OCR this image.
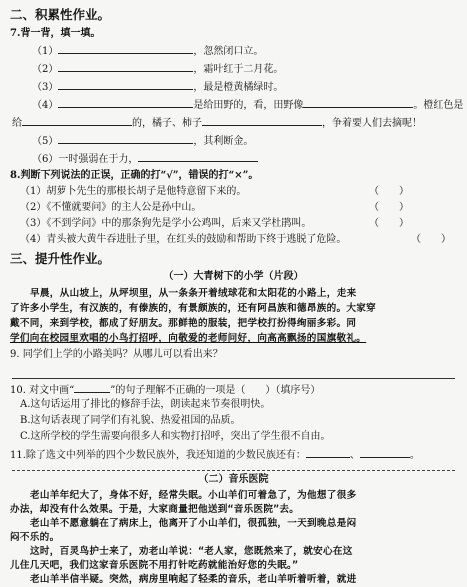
二、积累性作业。
7.背一背，填一填。
（1）	，忽然闭口立。
（2）	，霜叶红于二月花。
（3）	，最是橙黄橘绿时。
（4）	是给田野的，看，田野像	。橙红色是
给	的，橘子、柿子	，争着要人们去摘呢！
（5）	，其利断金。
（6）一时强弱在于力，
8.判断下列说法的正误，正确的打“√”，错误的打“×”。
（1）胡萝卜先生的那根长胡子是他特意留下来的。	（　　）
（2）《不懂就要问》的主人公是孙中山。	（　　）
（3）《不到学问》中的那条狗先是学小公鸡叫，后来又学杜鹃叫。	（　　）
（4）青头被大黄牛吞进肚子里，在红头的鼓励和帮助下终于逃脱了危险。	（　　）
三、提升性作业。
（一）大青树下的小学（片段）
早晨，从山坡上，从坪坝里，从一条条开着绒球花和太阳花的小路上，走来
了许多小学生，有汉族的，有傣族的，有景颇族的，还有阿昌族和德昂族的。大家穿
戴不同，来到学校，都成了好朋友。那鲜艳的服装，把学校打扮得绚丽多彩。同
学们向在校园里欢唱的小鸟打招呼，向敬爱的老师问好，向高高飘扬的国旗敬礼。
9. 同学们上学的小路美吗？从哪儿可以看出来？
10. 对文中画“	”的句子理解不正确的一项是（　　）（填序号）
A.这句话运用了排比的修辞手法，朗读起来节奏很明快。
B.这句话表现了同学们有礼貌、热爱祖国的品质。
C.这所学校的学生需要向很多人和实物打招呼，突出了学生很不自由。
11.除了选文中列举的四个少数民族外，我还知道的少数民族还有：	、	。
（二）音乐医院
老山羊年纪大了，身体不好，经常失眠。小山羊们可着急了，为他想了很多
办法，却没有什么效果。于是，大家商量把他送到“音乐医院”去。
老山羊不愿意躺在了病床上，他离开了小山羊们，很孤独，一天到晚总是闷
闷不乐的。
这时，百灵鸟护士来了，劝老山羊说：“老人家，您既然来了，就安心在这
儿住几天吧，我们这家音乐医院不用打针吃药就能治好您的失眠。”
老山羊半信半疑。突然，病房里响起了轻柔的音乐，老山羊听着听着，就进
